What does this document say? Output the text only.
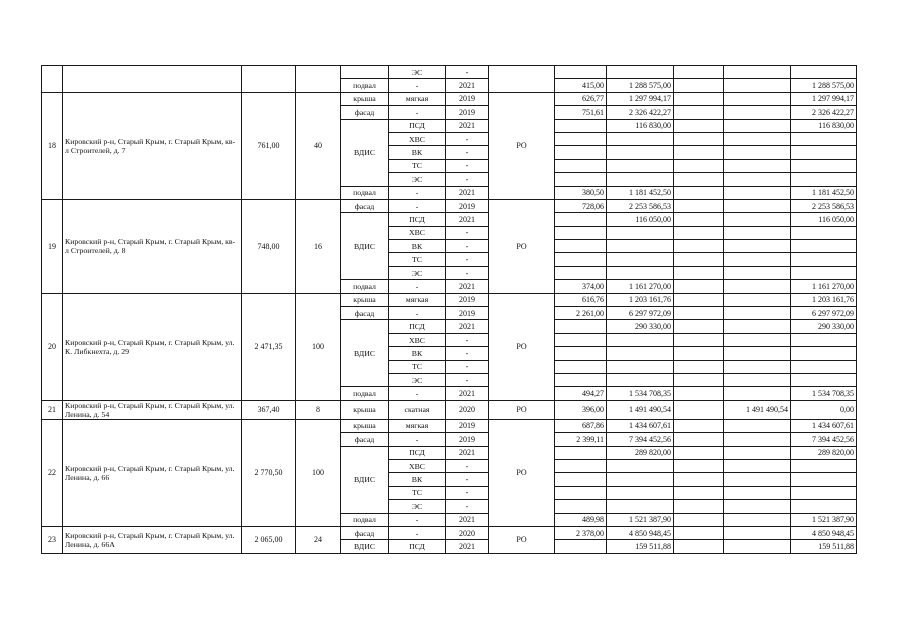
					ЭС	-						
				подвал	-	2021		415,00	1 288 575,00			1 288 575,00
18	Кировский р-н, Старый Крым, г. Старый Крым, кв-л Строителей, д. 7	761,00	40	крыша	мягкая	2019	РО	626,77	1 297 994,17			1 297 994,17
				фасад	-	2019		751,61	2 326 422,27			2 326 422,27
				ВДИС	ПСД	2021			116 830,00			116 830,00
					ХВС	-						
					ВК	-						
					ТС	-						
					ЭС	-						
				подвал	-	2021		380,50	1 181 452,50			1 181 452,50
19	Кировский р-н, Старый Крым, г. Старый Крым, кв-л Строителей, д. 8	748,00	16	фасад	-	2019	РО	728,06	2 253 586,53			2 253 586,53
				ВДИС	ПСД	2021			116 050,00			116 050,00
					ХВС	-						
					ВК	-						
					ТС	-						
					ЭС	-						
				подвал	-	2021		374,00	1 161 270,00			1 161 270,00
20	Кировский р-н, Старый Крым, г. Старый Крым, ул. К. Либкнехта, д. 29	2 471,35	100	крыша	мягкая	2019	РО	616,76	1 203 161,76			1 203 161,76
				фасад	-	2019		2 261,00	6 297 972,09			6 297 972,09
				ВДИС	ПСД	2021			290 330,00			290 330,00
					ХВС	-						
					ВК	-						
					ТС	-						
					ЭС	-						
				подвал	-	2021		494,27	1 534 708,35			1 534 708,35
21	Кировский р-н, Старый Крым, г. Старый Крым, ул. Ленина, д. 54	367,40	8	крыша	скатная	2020	РО	396,00	1 491 490,54		1 491 490,54	0,00
22	Кировский р-н, Старый Крым, г. Старый Крым, ул. Ленина, д. 66	2 770,50	100	крыша	мягкая	2019	РО	687,86	1 434 607,61			1 434 607,61
				фасад	-	2019		2 399,11	7 394 452,56			7 394 452,56
				ВДИС	ПСД	2021			289 820,00			289 820,00
					ХВС	-						
					ВК	-						
					ТС	-						
					ЭС	-						
				подвал	-	2021		489,98	1 521 387,90			1 521 387,90
23	Кировский р-н, Старый Крым, г. Старый Крым, ул. Ленина, д. 66А	2 065,00	24	фасад	-	2020	РО	2 378,00	4 850 948,45			4 850 948,45
				ВДИС	ПСД	2021			159 511,88			159 511,88
